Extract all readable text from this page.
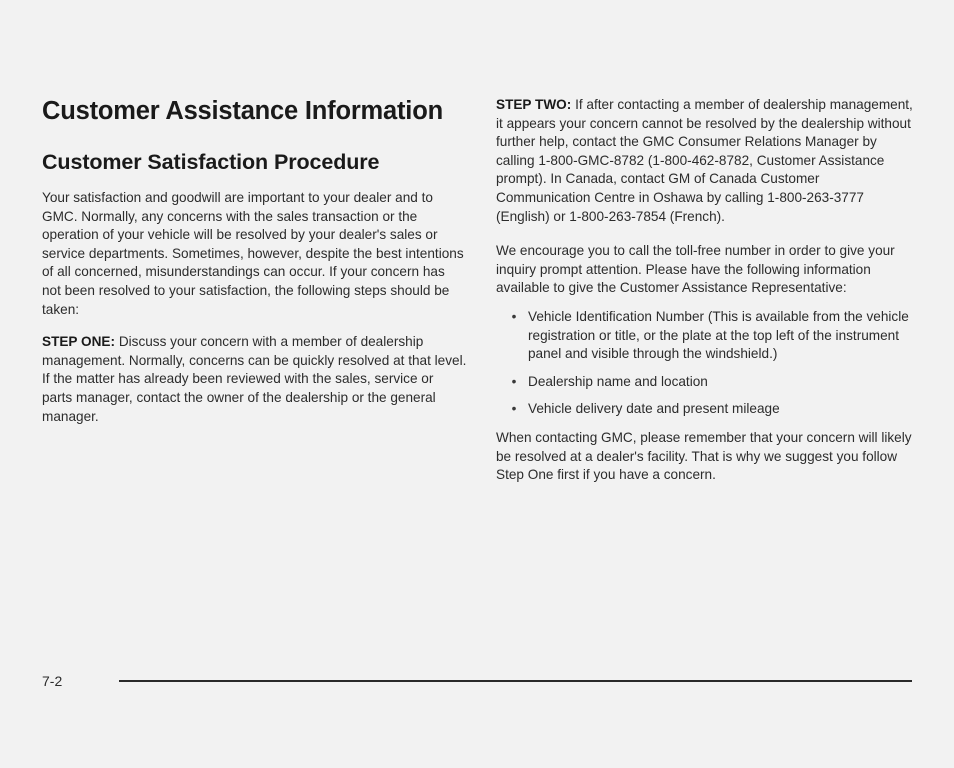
Customer Assistance Information
Customer Satisfaction Procedure

Your satisfaction and goodwill are important to your dealer and to GMC. Normally, any concerns with the sales transaction or the operation of your vehicle will be resolved by your dealer's sales or service departments. Sometimes, however, despite the best intentions of all concerned, misunderstandings can occur. If your concern has not been resolved to your satisfaction, the following steps should be taken:

STEP ONE: Discuss your concern with a member of dealership management. Normally, concerns can be quickly resolved at that level. If the matter has already been reviewed with the sales, service or parts manager, contact the owner of the dealership or the general manager.

STEP TWO: If after contacting a member of dealership management, it appears your concern cannot be resolved by the dealership without further help, contact the GMC Consumer Relations Manager by calling 1-800-GMC-8782 (1-800-462-8782, Customer Assistance prompt). In Canada, contact GM of Canada Customer Communication Centre in Oshawa by calling 1-800-263-3777 (English) or 1-800-263-7854 (French).

We encourage you to call the toll-free number in order to give your inquiry prompt attention. Please have the following information available to give the Customer Assistance Representative:

• Vehicle Identification Number (This is available from the vehicle registration or title, or the plate at the top left of the instrument panel and visible through the windshield.)
• Dealership name and location
• Vehicle delivery date and present mileage

When contacting GMC, please remember that your concern will likely be resolved at a dealer's facility. That is why we suggest you follow Step One first if you have a concern.

7-2
